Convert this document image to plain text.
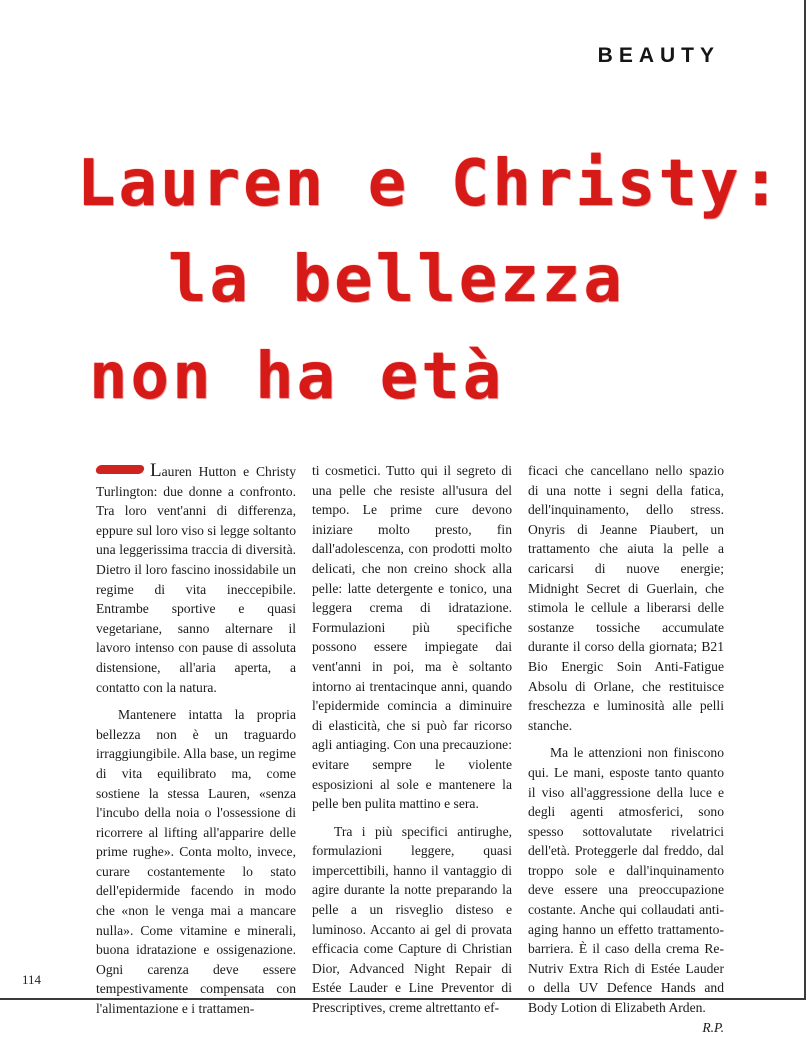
BEAUTY
Lauren e Christy:
la bellezza
non ha età

Lauren Hutton e Christy Turlington: due donne a confronto. Tra loro vent'anni di differenza, eppure sul loro viso si legge soltanto una leggerissima traccia di diversità. Dietro il loro fascino inossidabile un regime di vita ineccepibile. Entrambe sportive e quasi vegetariane, sanno alternare il lavoro intenso con pause di assoluta distensione, all'aria aperta, a contatto con la natura.

Mantenere intatta la propria bellezza non è un traguardo irraggiungibile. Alla base, un regime di vita equilibrato ma, come sostiene la stessa Lauren, «senza l'incubo della noia o l'ossessione di ricorrere al lifting all'apparire delle prime rughe». Conta molto, invece, curare costantemente lo stato dell'epidermide facendo in modo che «non le venga mai a mancare nulla». Come vitamine e minerali, buona idratazione e ossigenazione. Ogni carenza deve essere tempestivamente compensata con l'alimentazione e i trattamen-

ti cosmetici. Tutto qui il segreto di una pelle che resiste all'usura del tempo. Le prime cure devono iniziare molto presto, fin dall'adolescenza, con prodotti molto delicati, che non creino shock alla pelle: latte detergente e tonico, una leggera crema di idratazione. Formulazioni più specifiche possono essere impiegate dai vent'anni in poi, ma è soltanto intorno ai trentacinque anni, quando l'epidermide comincia a diminuire di elasticità, che si può far ricorso agli antiaging. Con una precauzione: evitare sempre le violente esposizioni al sole e mantenere la pelle ben pulita mattino e sera.

Tra i più specifici antirughe, formulazioni leggere, quasi impercettibili, hanno il vantaggio di agire durante la notte preparando la pelle a un risveglio disteso e luminoso. Accanto ai gel di provata efficacia come Capture di Christian Dior, Advanced Night Repair di Estée Lauder e Line Preventor di Prescriptives, creme altrettanto ef-

ficaci che cancellano nello spazio di una notte i segni della fatica, dell'inquinamento, dello stress. Onyris di Jeanne Piaubert, un trattamento che aiuta la pelle a caricarsi di nuove energie; Midnight Secret di Guerlain, che stimola le cellule a liberarsi delle sostanze tossiche accumulate durante il corso della giornata; B21 Bio Energic Soin Anti-Fatigue Absolu di Orlane, che restituisce freschezza e luminosità alle pelli stanche.

Ma le attenzioni non finiscono qui. Le mani, esposte tanto quanto il viso all'aggressione della luce e degli agenti atmosferici, sono spesso sottovalutate rivelatrici dell'età. Proteggerle dal freddo, dal troppo sole e dall'inquinamento deve essere una preoccupazione costante. Anche qui collaudati anti-aging hanno un effetto trattamento-barriera. È il caso della crema Re-Nutriv Extra Rich di Estée Lauder o della UV Defence Hands and Body Lotion di Elizabeth Arden.
R.P.

114
